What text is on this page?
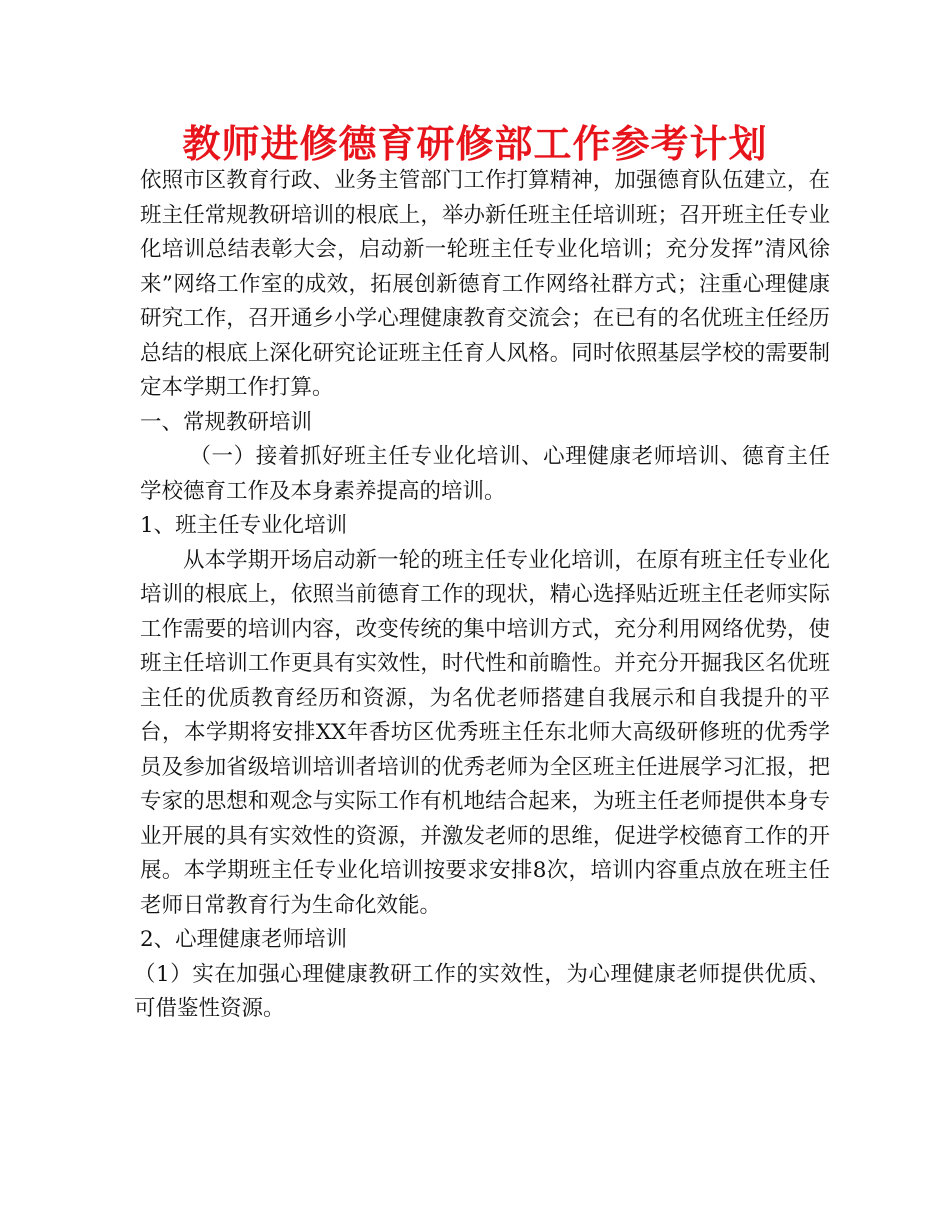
教师进修德育研修部工作参考计划

依照市区教育行政、业务主管部门工作打算精神，加强德育队伍建立，在班主任常规教研培训的根底上，举办新任班主任培训班；召开班主任专业化培训总结表彰大会，启动新一轮班主任专业化培训；充分发挥”清风徐来”网络工作室的成效，拓展创新德育工作网络社群方式；注重心理健康研究工作，召开通乡小学心理健康教育交流会；在已有的名优班主任经历总结的根底上深化研究论证班主任育人风格。同时依照基层学校的需要制定本学期工作打算。

一、常规教研培训

（一）接着抓好班主任专业化培训、心理健康老师培训、德育主任学校德育工作及本身素养提高的培训。

1、班主任专业化培训

从本学期开场启动新一轮的班主任专业化培训，在原有班主任专业化培训的根底上，依照当前德育工作的现状，精心选择贴近班主任老师实际工作需要的培训内容，改变传统的集中培训方式，充分利用网络优势，使班主任培训工作更具有实效性，时代性和前瞻性。并充分开掘我区名优班主任的优质教育经历和资源，为名优老师搭建自我展示和自我提升的平台，本学期将安排XX年香坊区优秀班主任东北师大高级研修班的优秀学员及参加省级培训培训者培训的优秀老师为全区班主任进展学习汇报，把专家的思想和观念与实际工作有机地结合起来，为班主任老师提供本身专业开展的具有实效性的资源，并激发老师的思维，促进学校德育工作的开展。本学期班主任专业化培训按要求安排8次，培训内容重点放在班主任老师日常教育行为生命化效能。

2、心理健康老师培训

（1）实在加强心理健康教研工作的实效性，为心理健康老师提供优质、可借鉴性资源。
